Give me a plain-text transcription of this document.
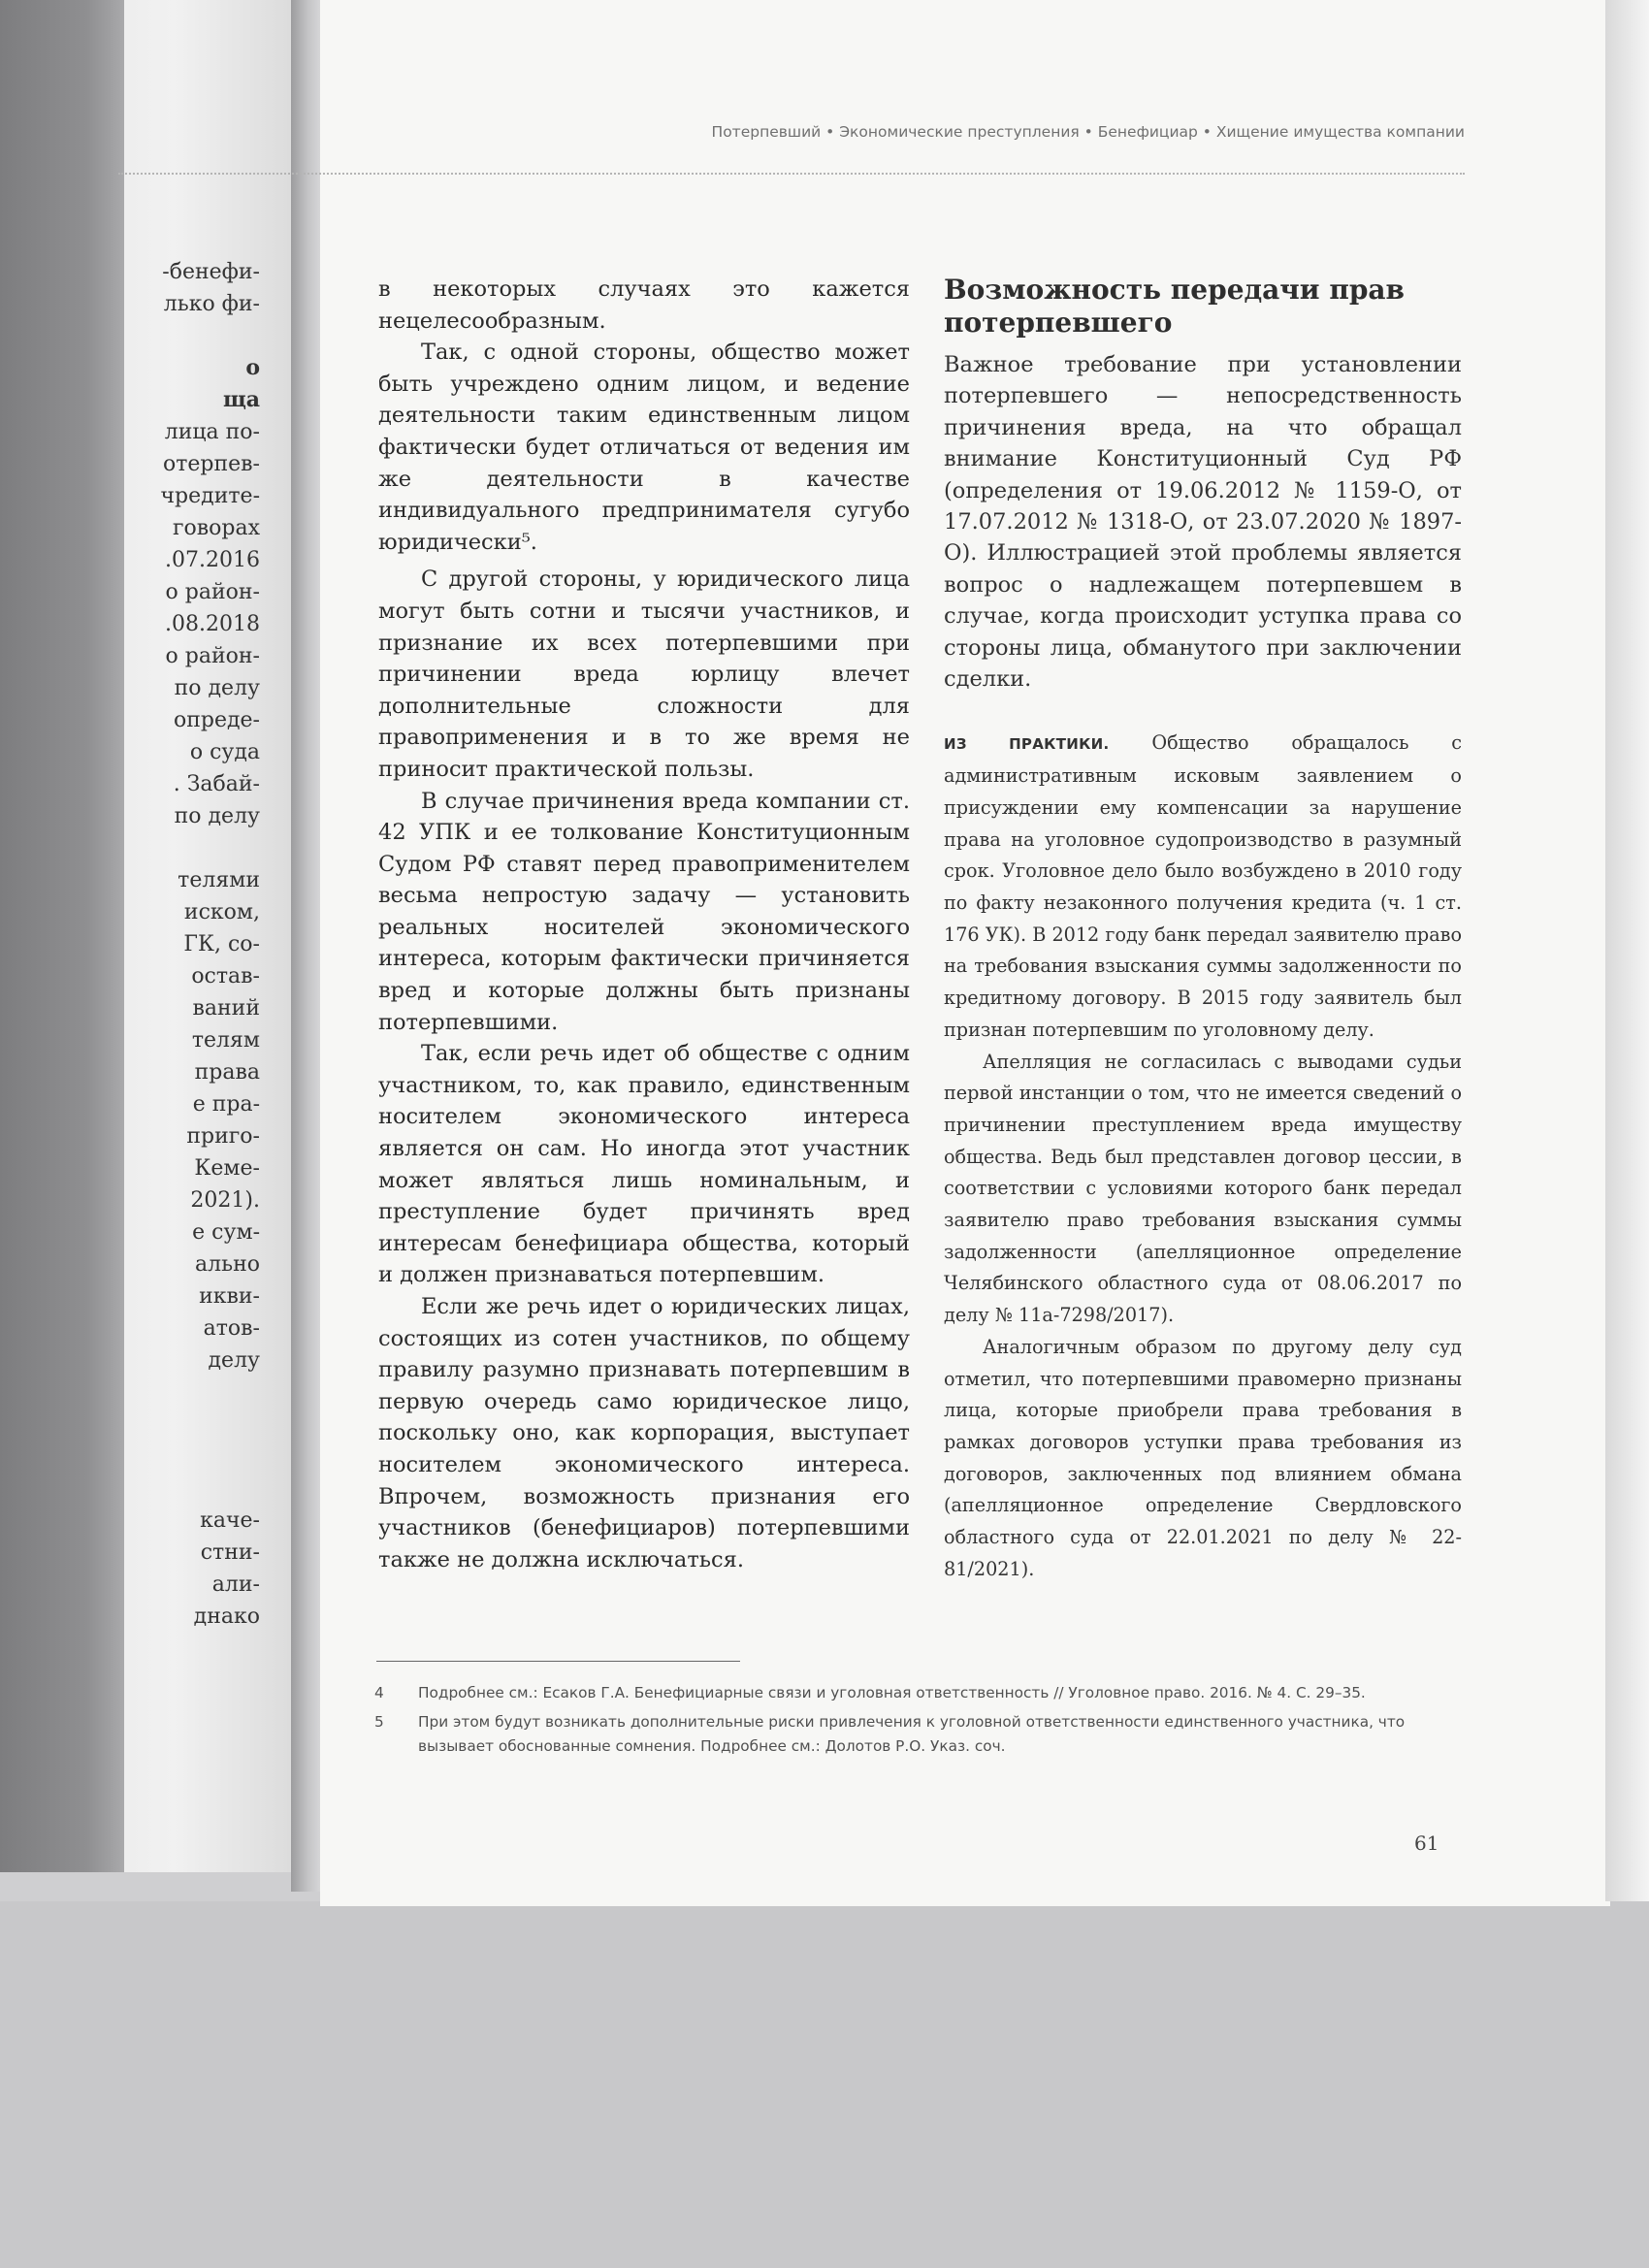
-бенефи-
лько фи-
о
ща
лица по-
отерпев-
чредите-
говорах
.07.2016
о район-
.08.2018
о район-
по делу
опреде-
о суда
. Забай-
по делу
телями
иском,
ГК, со-
остав-
ваний
телям
права
е пра-
приго-
Кеме-
2021).
е сум-
ально
икви-
атов-
делу
каче-
стни-
али-
днако
Потерпевший • Экономические преступления • Бенефициар • Хищение имущества компании

в некоторых случаях это кажется нецелесообразным.

Так, с одной стороны, общество может быть учреждено одним лицом, и ведение деятельности таким единственным лицом фактически будет отличаться от ведения им же деятельности в качестве индивидуального предпринимателя сугубо юридически⁵.

С другой стороны, у юридического лица могут быть сотни и тысячи участников, и признание их всех потерпевшими при причинении вреда юрлицу влечет дополнительные сложности для правоприменения и в то же время не приносит практической пользы.

В случае причинения вреда компании ст. 42 УПК и ее толкование Конституционным Судом РФ ставят перед правоприменителем весьма непростую задачу — установить реальных носителей экономического интереса, которым фактически причиняется вред и которые должны быть признаны потерпевшими.

Так, если речь идет об обществе с одним участником, то, как правило, единственным носителем экономического интереса является он сам. Но иногда этот участник может являться лишь номинальным, и преступление будет причинять вред интересам бенефициара общества, который и должен признаваться потерпевшим.

Если же речь идет о юридических лицах, состоящих из сотен участников, по общему правилу разумно признавать потерпевшим в первую очередь само юридическое лицо, поскольку оно, как корпорация, выступает носителем экономического интереса. Впрочем, возможность признания его участников (бенефициаров) потерпевшими также не должна исключаться.

Возможность передачи прав потерпевшего

Важное требование при установлении потерпевшего — непосредственность причинения вреда, на что обращал внимание Конституционный Суд РФ (определения от 19.06.2012 № 1159-О, от 17.07.2012 № 1318-О, от 23.07.2020 № 1897-О). Иллюстрацией этой проблемы является вопрос о надлежащем потерпевшем в случае, когда происходит уступка права со стороны лица, обманутого при заключении сделки.

ИЗ ПРАКТИКИ. Общество обращалось с административным исковым заявлением о присуждении ему компенсации за нарушение права на уголовное судопроизводство в разумный срок. Уголовное дело было возбуждено в 2010 году по факту незаконного получения кредита (ч. 1 ст. 176 УК). В 2012 году банк передал заявителю право на требования взыскания суммы задолженности по кредитному договору. В 2015 году заявитель был признан потерпевшим по уголовному делу.

Апелляция не согласилась с выводами судьи первой инстанции о том, что не имеется сведений о причинении преступлением вреда имуществу общества. Ведь был представлен договор цессии, в соответствии с условиями которого банк передал заявителю право требования взыскания суммы задолженности (апелляционное определение Челябинского областного суда от 08.06.2017 по делу № 11а-7298/2017).

Аналогичным образом по другому делу суд отметил, что потерпевшими правомерно признаны лица, которые приобрели права требования в рамках договоров уступки права требования из договоров, заключенных под влиянием обмана (апелляционное определение Свердловского областного суда от 22.01.2021 по делу № 22-81/2021).

4	Подробнее см.: Есаков Г.А. Бенефициарные связи и уголовная ответственность // Уголовное право. 2016. № 4. С. 29–35.
5	При этом будут возникать дополнительные риски привлечения к уголовной ответственности единственного участника, что вызывает обоснованные сомнения. Подробнее см.: Долотов Р.О. Указ. соч.
61
